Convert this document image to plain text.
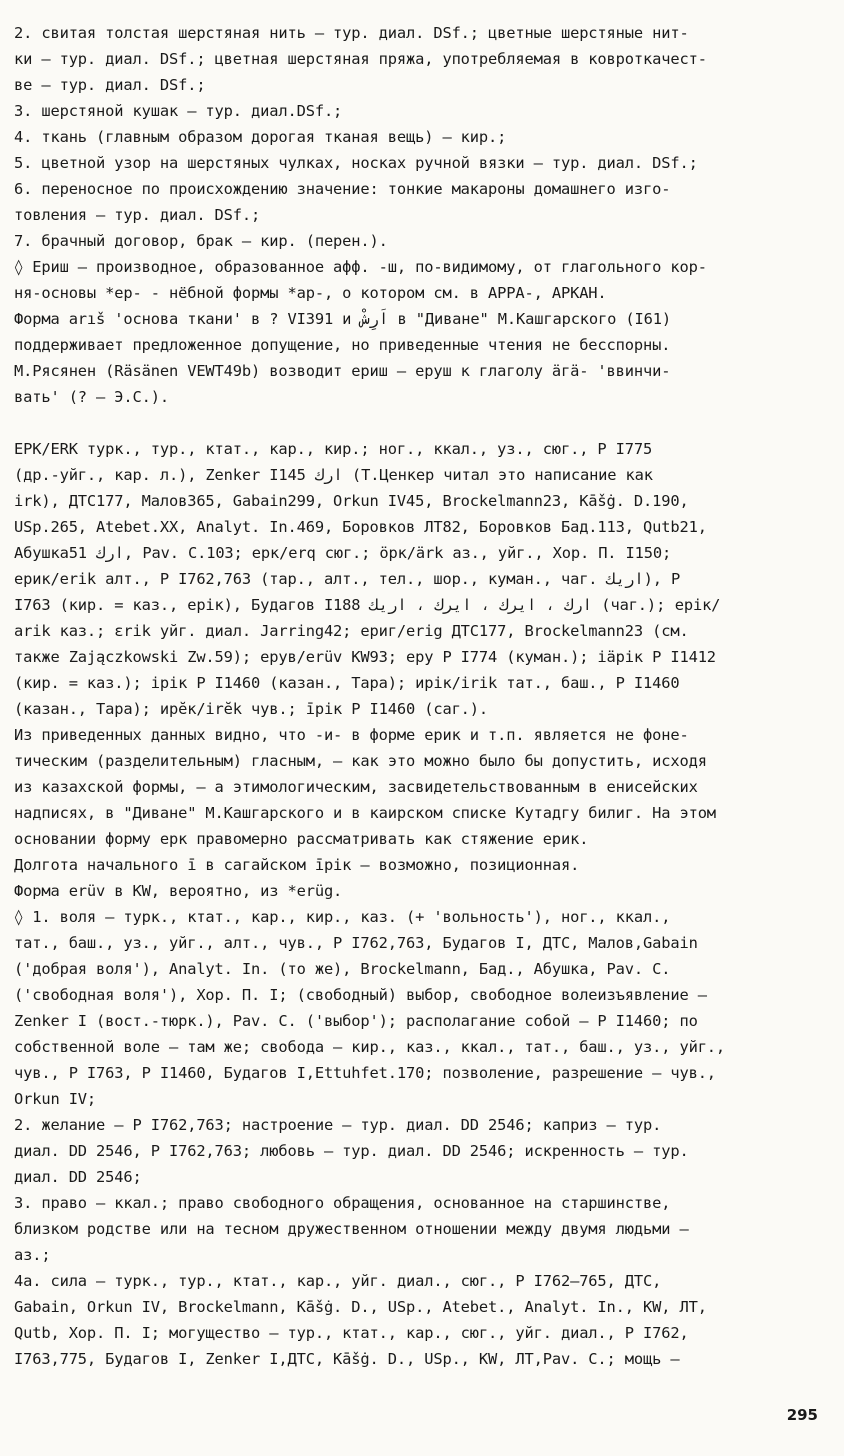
2. свитая толстая шерстяная нить – тур. диал. DSf.; цветные шерстяные нит-
ки – тур. диал. DSf.; цветная шерстяная пряжа, употребляемая в ковроткачест-
ве – тур. диал. DSf.;
3. шерстяной кушак – тур. диал.DSf.;
4. ткань (главным образом дорогая тканая вещь) – кир.;
5. цветной узор на шерстяных чулках, носках ручной вязки – тур. диал. DSf.;
6. переносное по происхождению значение: тонкие макароны домашнего изго-
товления – тур. диал. DSf.;
7. брачный договор, брак – кир. (перен.).
◊ Ериш – производное, образованное афф. -ш, по-видимому, от глагольного кор-
ня-основы *ер- - нёбной формы *ар-, о котором см. в АРРА-, АРКАН.
Форма arıš 'основа ткани' в ? VI391 и اَرِشْ в "Диване" М.Кашгарского (I61)
поддерживает предложенное допущение, но приведенные чтения не бесспорны.
М.Рясянен (Räsänen VEWT49b) возводит ериш – еруш к глаголу ӓгӓ- 'ввинчи-
вать' (? – Э.С.).
ЕРК/ERK турк., тур., ктат., кар., кир.; ног., ккал., уз., сюг., Р I775
(др.-уйг., кар. л.), Zenker I145 ارك (Т.Ценкер читал это написание как
irk), ДТС177, Малов365, Gabain299, Orkun IV45, Brockelmann23, Kāšġ. D.190,
USp.265, Atebet.XX, Analyt. In.469, Боровков ЛТ82, Боровков Бад.113, Qutb21,
Абушка51 ارك, Pav. C.103; ерк/erq сюг.; ӧрк/ӓrk аз., уйг., Хор. П. I150;
ерик/erik алт., Р I762,763 (тар., алт., тел., шор., куман., чаг. اريك), Р
I763 (кир. = каз., ерік), Будагов I188 ارك ، ايرك ، ايرك ، اريك (чаг.); ерік/
arik каз.; ɛrik уйг. диал. Jarring42; ериг/erig ДТС177, Brockelmann23 (см.
также Zajączkowski Zw.59); ерув/erüv KW93; еру Р I774 (куман.); іӓрік Р I1412
(кир. = каз.); ірік Р I1460 (казан., Тара); ирік/irik тат., баш., Р I1460
(казан., Тара); ирӗк/irӗk чув.; īрік Р I1460 (саг.).
Из приведенных данных видно, что -и- в форме ерик и т.п. является не фоне-
тическим (разделительным) гласным, – как это можно было бы допустить, исходя
из казахской формы, – а этимологическим, засвидетельствованным в енисейских
надписях, в "Диване" М.Кашгарского и в каирском списке Кутадгу билиг. На этом
основании форму ерк правомерно рассматривать как стяжение ерик.
Долгота начального ī в сагайском īрік – возможно, позиционная.
Форма erüv в KW, вероятно, из *erüg.
◊ 1. воля – турк., ктат., кар., кир., каз. (+ 'вольность'), ног., ккал.,
тат., баш., уз., уйг., алт., чув., Р I762,763, Будагов I, ДТС, Малов,Gabain
('добрая воля'), Analyt. In. (то же), Brockelmann, Бад., Абушка, Pav. C.
('свободная воля'), Хор. П. I; (свободный) выбор, свободное волеизъявление –
Zenker I (вост.-тюрк.), Pav. C. ('выбор'); располагание собой – Р I1460; по
собственной воле – там же; свобода – кир., каз., ккал., тат., баш., уз., уйг.,
чув., Р I763, Р I1460, Будагов I,Ettuhfet.170; позволение, разрешение – чув.,
Orkun IV;
2. желание – Р I762,763; настроение – тур. диал. DD 2546; каприз – тур.
диал. DD 2546, Р I762,763; любовь – тур. диал. DD 2546; искренность – тур.
диал. DD 2546;
3. право – ккал.; право свободного обращения, основанное на старшинстве,
близком родстве или на тесном дружественном отношении между двумя людьми –
аз.;
4а. сила – турк., тур., ктат., кар., уйг. диал., сюг., Р I762–765, ДТС,
Gabain, Orkun IV, Brockelmann, Kāšġ. D., USp., Atebet., Analyt. In., KW, ЛТ,
Qutb, Хор. П. I; могущество – тур., ктат., кар., сюг., уйг. диал., Р I762,
I763,775, Будагов I, Zenker I,ДТС, Kāšġ. D., USp., KW, ЛТ,Pav. C.; мощь –
295
